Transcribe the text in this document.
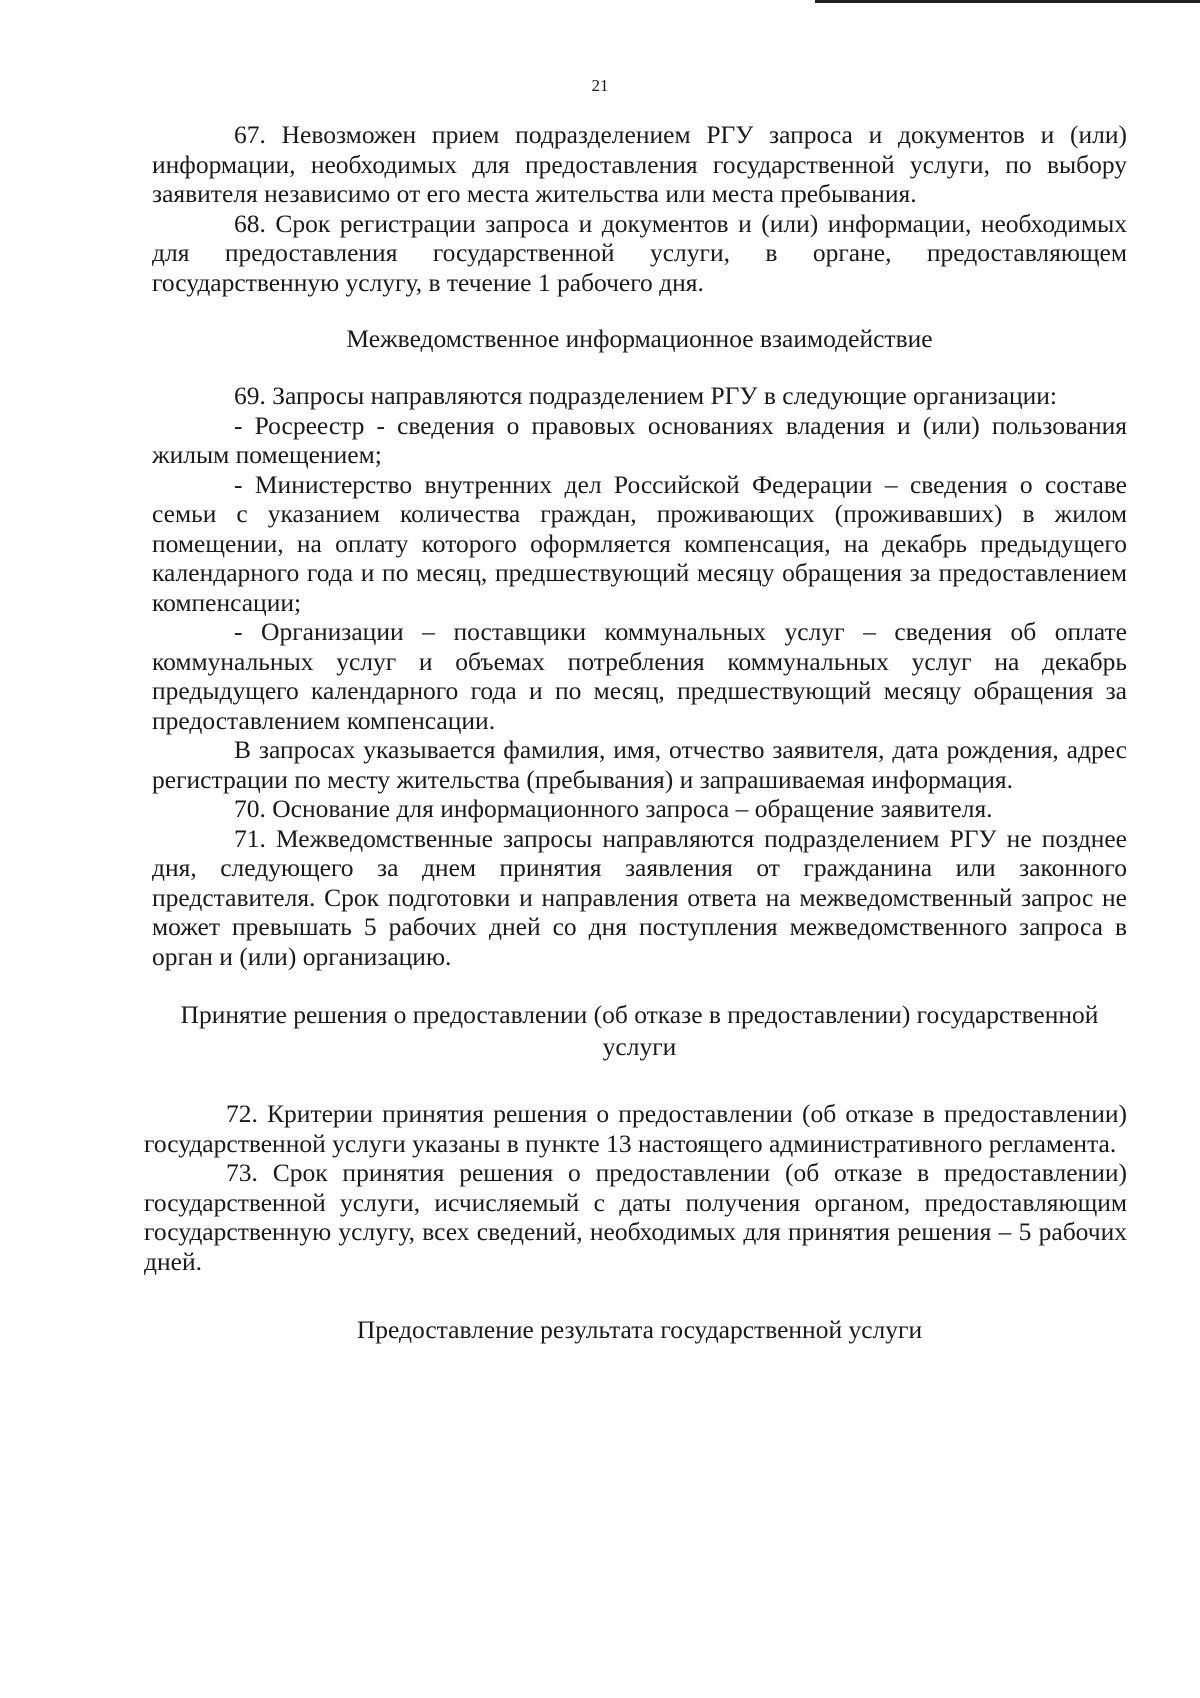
21

67. Невозможен прием подразделением РГУ запроса и документов и (или) информации, необходимых для предоставления государственной услуги, по выбору заявителя независимо от его места жительства или места пребывания.

68. Срок регистрации запроса и документов и (или) информации, необходимых для предоставления государственной услуги, в органе, предоставляющем государственную услугу, в течение 1 рабочего дня.

Межведомственное информационное взаимодействие

69. Запросы направляются подразделением РГУ в следующие организации:

- Росреестр - сведения о правовых основаниях владения и (или) пользования жилым помещением;

- Министерство внутренних дел Российской Федерации – сведения о составе семьи с указанием количества граждан, проживающих (проживавших) в жилом помещении, на оплату которого оформляется компенсация, на декабрь предыдущего календарного года и по месяц, предшествующий месяцу обращения за предоставлением компенсации;

- Организации – поставщики коммунальных услуг – сведения об оплате коммунальных услуг и объемах потребления коммунальных услуг на декабрь предыдущего календарного года и по месяц, предшествующий месяцу обращения за предоставлением компенсации.

В запросах указывается фамилия, имя, отчество заявителя, дата рождения, адрес регистрации по месту жительства (пребывания) и запрашиваемая информация.

70. Основание для информационного запроса – обращение заявителя.

71. Межведомственные запросы направляются подразделением РГУ не позднее дня, следующего за днем принятия заявления от гражданина или законного представителя. Срок подготовки и направления ответа на межведомственный запрос не может превышать 5 рабочих дней со дня поступления межведомственного запроса в орган и (или) организацию.

Принятие решения о предоставлении (об отказе в предоставлении) государственной услуги

72. Критерии принятия решения о предоставлении (об отказе в предоставлении) государственной услуги указаны в пункте 13 настоящего административного регламента.

73. Срок принятия решения о предоставлении (об отказе в предоставлении) государственной услуги, исчисляемый с даты получения органом, предоставляющим государственную услугу, всех сведений, необходимых для принятия решения – 5 рабочих дней.

Предоставление результата государственной услуги
